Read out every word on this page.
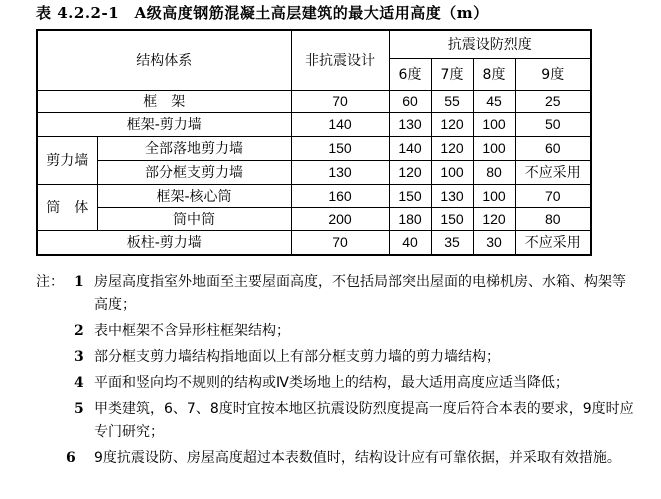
表 4.2.2-1　A级高度钢筋混凝土高层建筑的最大适用高度（m）
结构体系		非抗震设计	抗震设防烈度			
			6度	7度	8度	9度
框　架		70	60	55	45	25
框架-剪力墙		140	130	120	100	50
剪力墙	全部落地剪力墙	150	140	120	100	60
	部分框支剪力墙	130	120	100	80	不应采用
筒　体	框架-核心筒	160	150	130	100	70
	筒中筒	200	180	150	120	80
板柱-剪力墙		70	40	35	30	不应采用
注： 1 房屋高度指室外地面至主要屋面高度，不包括局部突出屋面的电梯机房、水箱、构架等高度；
2 表中框架不含异形柱框架结构；
3 部分框支剪力墙结构指地面以上有部分框支剪力墙的剪力墙结构；
4 平面和竖向均不规则的结构或Ⅳ类场地上的结构，最大适用高度应适当降低；
5 甲类建筑，6、7、8度时宜按本地区抗震设防烈度提高一度后符合本表的要求，9度时应专门研究；
6 9度抗震设防、房屋高度超过本表数值时，结构设计应有可靠依据，并采取有效措施。
